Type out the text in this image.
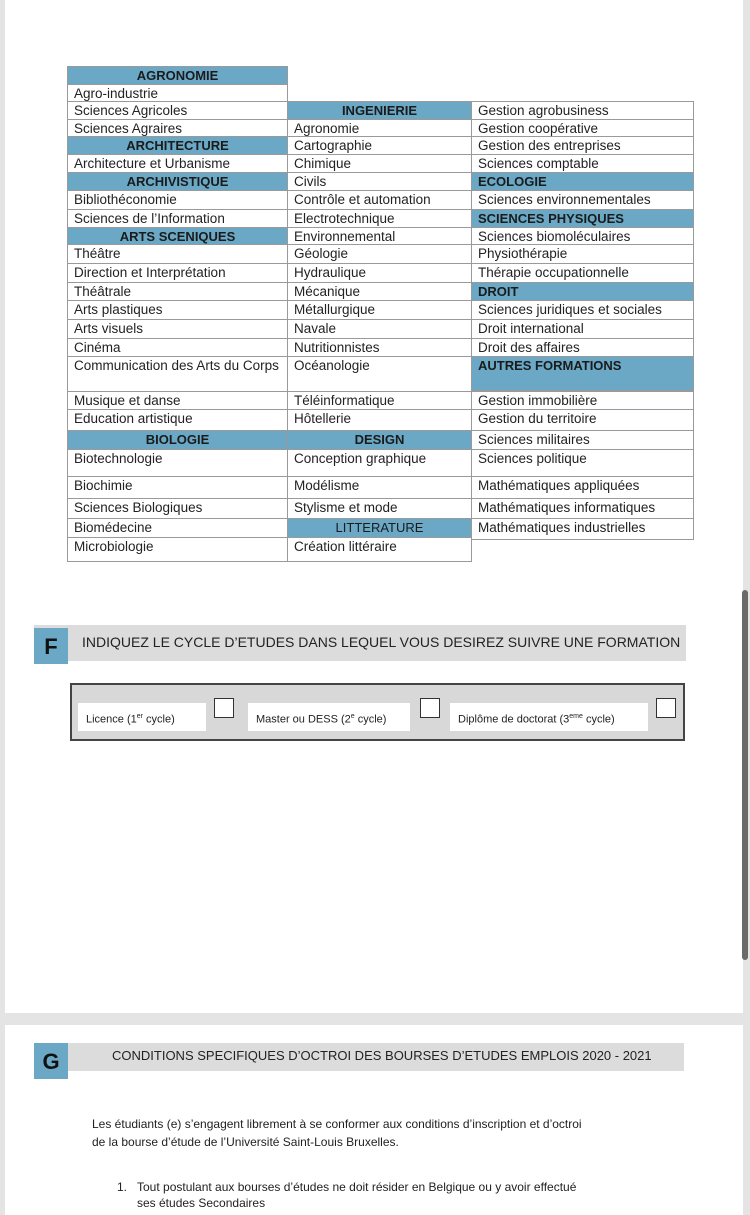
AGRONOMIE
Agro-industrie
Sciences Agricoles
Sciences Agraires
ARCHITECTURE
Architecture et Urbanisme
ARCHIVISTIQUE
Bibliothéconomie
Sciences de l’Information
ARTS SCENIQUES
Théâtre
Direction et Interprétation
Théâtrale
Arts plastiques
Arts visuels
Cinéma
Communication des Arts du Corps
Musique et danse
Education artistique
BIOLOGIE
Biotechnologie
Biochimie
Sciences Biologiques
Biomédecine
Microbiologie
INGENIERIE
Agronomie
Cartographie
Chimique
Civils
Contrôle et automation
Electrotechnique
Environnemental
Géologie
Hydraulique
Mécanique
Métallurgique
Navale
Nutritionnistes
Océanologie
Téléinformatique
Hôtellerie
DESIGN
Conception graphique
Modélisme
Stylisme et mode
LITTERATURE
Création littéraire
Gestion agrobusiness
Gestion coopérative
Gestion des entreprises
Sciences comptable
ECOLOGIE
Sciences environnementales
SCIENCES PHYSIQUES
Sciences biomoléculaires
Physiothérapie
Thérapie occupationnelle
DROIT
Sciences juridiques et sociales
Droit international
Droit des affaires
AUTRES FORMATIONS
Gestion immobilière
Gestion du territoire
Sciences militaires
Sciences politique
Mathématiques appliquées
Mathématiques informatiques
Mathématiques industrielles
F	INDIQUEZ LE CYCLE D’ETUDES DANS LEQUEL VOUS DESIREZ SUIVRE UNE FORMATION
Licence (1er cycle)	Master ou DESS (2e cycle)	Diplôme de doctorat (3eme cycle)
G	CONDITIONS SPECIFIQUES D’OCTROI DES BOURSES D’ETUDES EMPLOIS 2020 - 2021
Les étudiants (e) s’engagent librement à se conformer aux conditions d’inscription et d’octroi
de la bourse d’étude de l’Université Saint-Louis Bruxelles.
1. Tout postulant aux bourses d’études ne doit résider en Belgique ou y avoir effectué
ses études Secondaires
